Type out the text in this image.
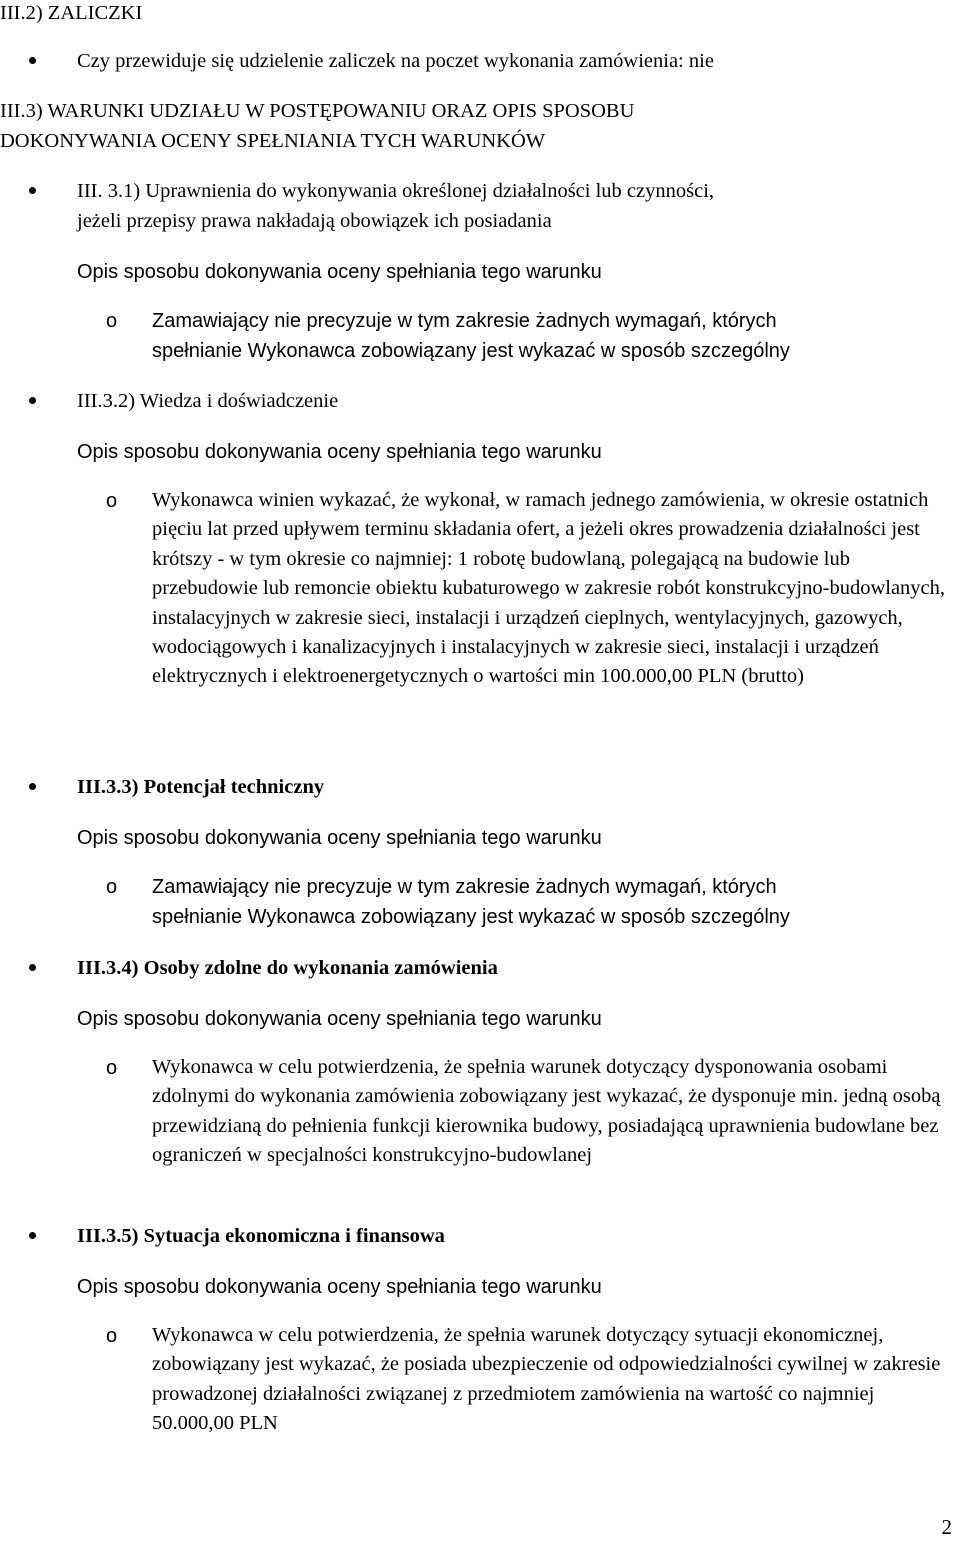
III.2) ZALICZKI
Czy przewiduje się udzielenie zaliczek na poczet wykonania zamówienia: nie
III.3) WARUNKI UDZIAŁU W POSTĘPOWANIU ORAZ OPIS SPOSOBU
DOKONYWANIA OCENY SPEŁNIANIA TYCH WARUNKÓW
III. 3.1) Uprawnienia do wykonywania określonej działalności lub czynności,
jeżeli przepisy prawa nakładają obowiązek ich posiadania
Opis sposobu dokonywania oceny spełniania tego warunku
o Zamawiający nie precyzuje w tym zakresie żadnych wymagań, których
spełnianie Wykonawca zobowiązany jest wykazać w sposób szczególny
III.3.2) Wiedza i doświadczenie
Opis sposobu dokonywania oceny spełniania tego warunku
o Wykonawca winien wykazać, że wykonał, w ramach jednego zamówienia, w okresie ostatnich pięciu lat przed upływem terminu składania ofert, a jeżeli okres prowadzenia działalności jest krótszy - w tym okresie co najmniej: 1 robotę budowlaną, polegającą na budowie lub przebudowie lub remoncie obiektu kubaturowego w zakresie robót konstrukcyjno-budowlanych, instalacyjnych w zakresie sieci, instalacji i urządzeń cieplnych, wentylacyjnych, gazowych, wodociągowych i kanalizacyjnych i instalacyjnych w zakresie sieci, instalacji i urządzeń elektrycznych i elektroenergetycznych o wartości min 100.000,00 PLN (brutto)
III.3.3) Potencjał techniczny
Opis sposobu dokonywania oceny spełniania tego warunku
o Zamawiający nie precyzuje w tym zakresie żadnych wymagań, których
spełnianie Wykonawca zobowiązany jest wykazać w sposób szczególny
III.3.4) Osoby zdolne do wykonania zamówienia
Opis sposobu dokonywania oceny spełniania tego warunku
o Wykonawca w celu potwierdzenia, że spełnia warunek dotyczący dysponowania osobami zdolnymi do wykonania zamówienia zobowiązany jest wykazać, że dysponuje min. jedną osobą przewidzianą do pełnienia funkcji kierownika budowy, posiadającą uprawnienia budowlane bez ograniczeń w specjalności konstrukcyjno-budowlanej
III.3.5) Sytuacja ekonomiczna i finansowa
Opis sposobu dokonywania oceny spełniania tego warunku
o Wykonawca w celu potwierdzenia, że spełnia warunek dotyczący sytuacji ekonomicznej, zobowiązany jest wykazać, że posiada ubezpieczenie od odpowiedzialności cywilnej w zakresie prowadzonej działalności związanej z przedmiotem zamówienia na wartość co najmniej 50.000,00 PLN
2
